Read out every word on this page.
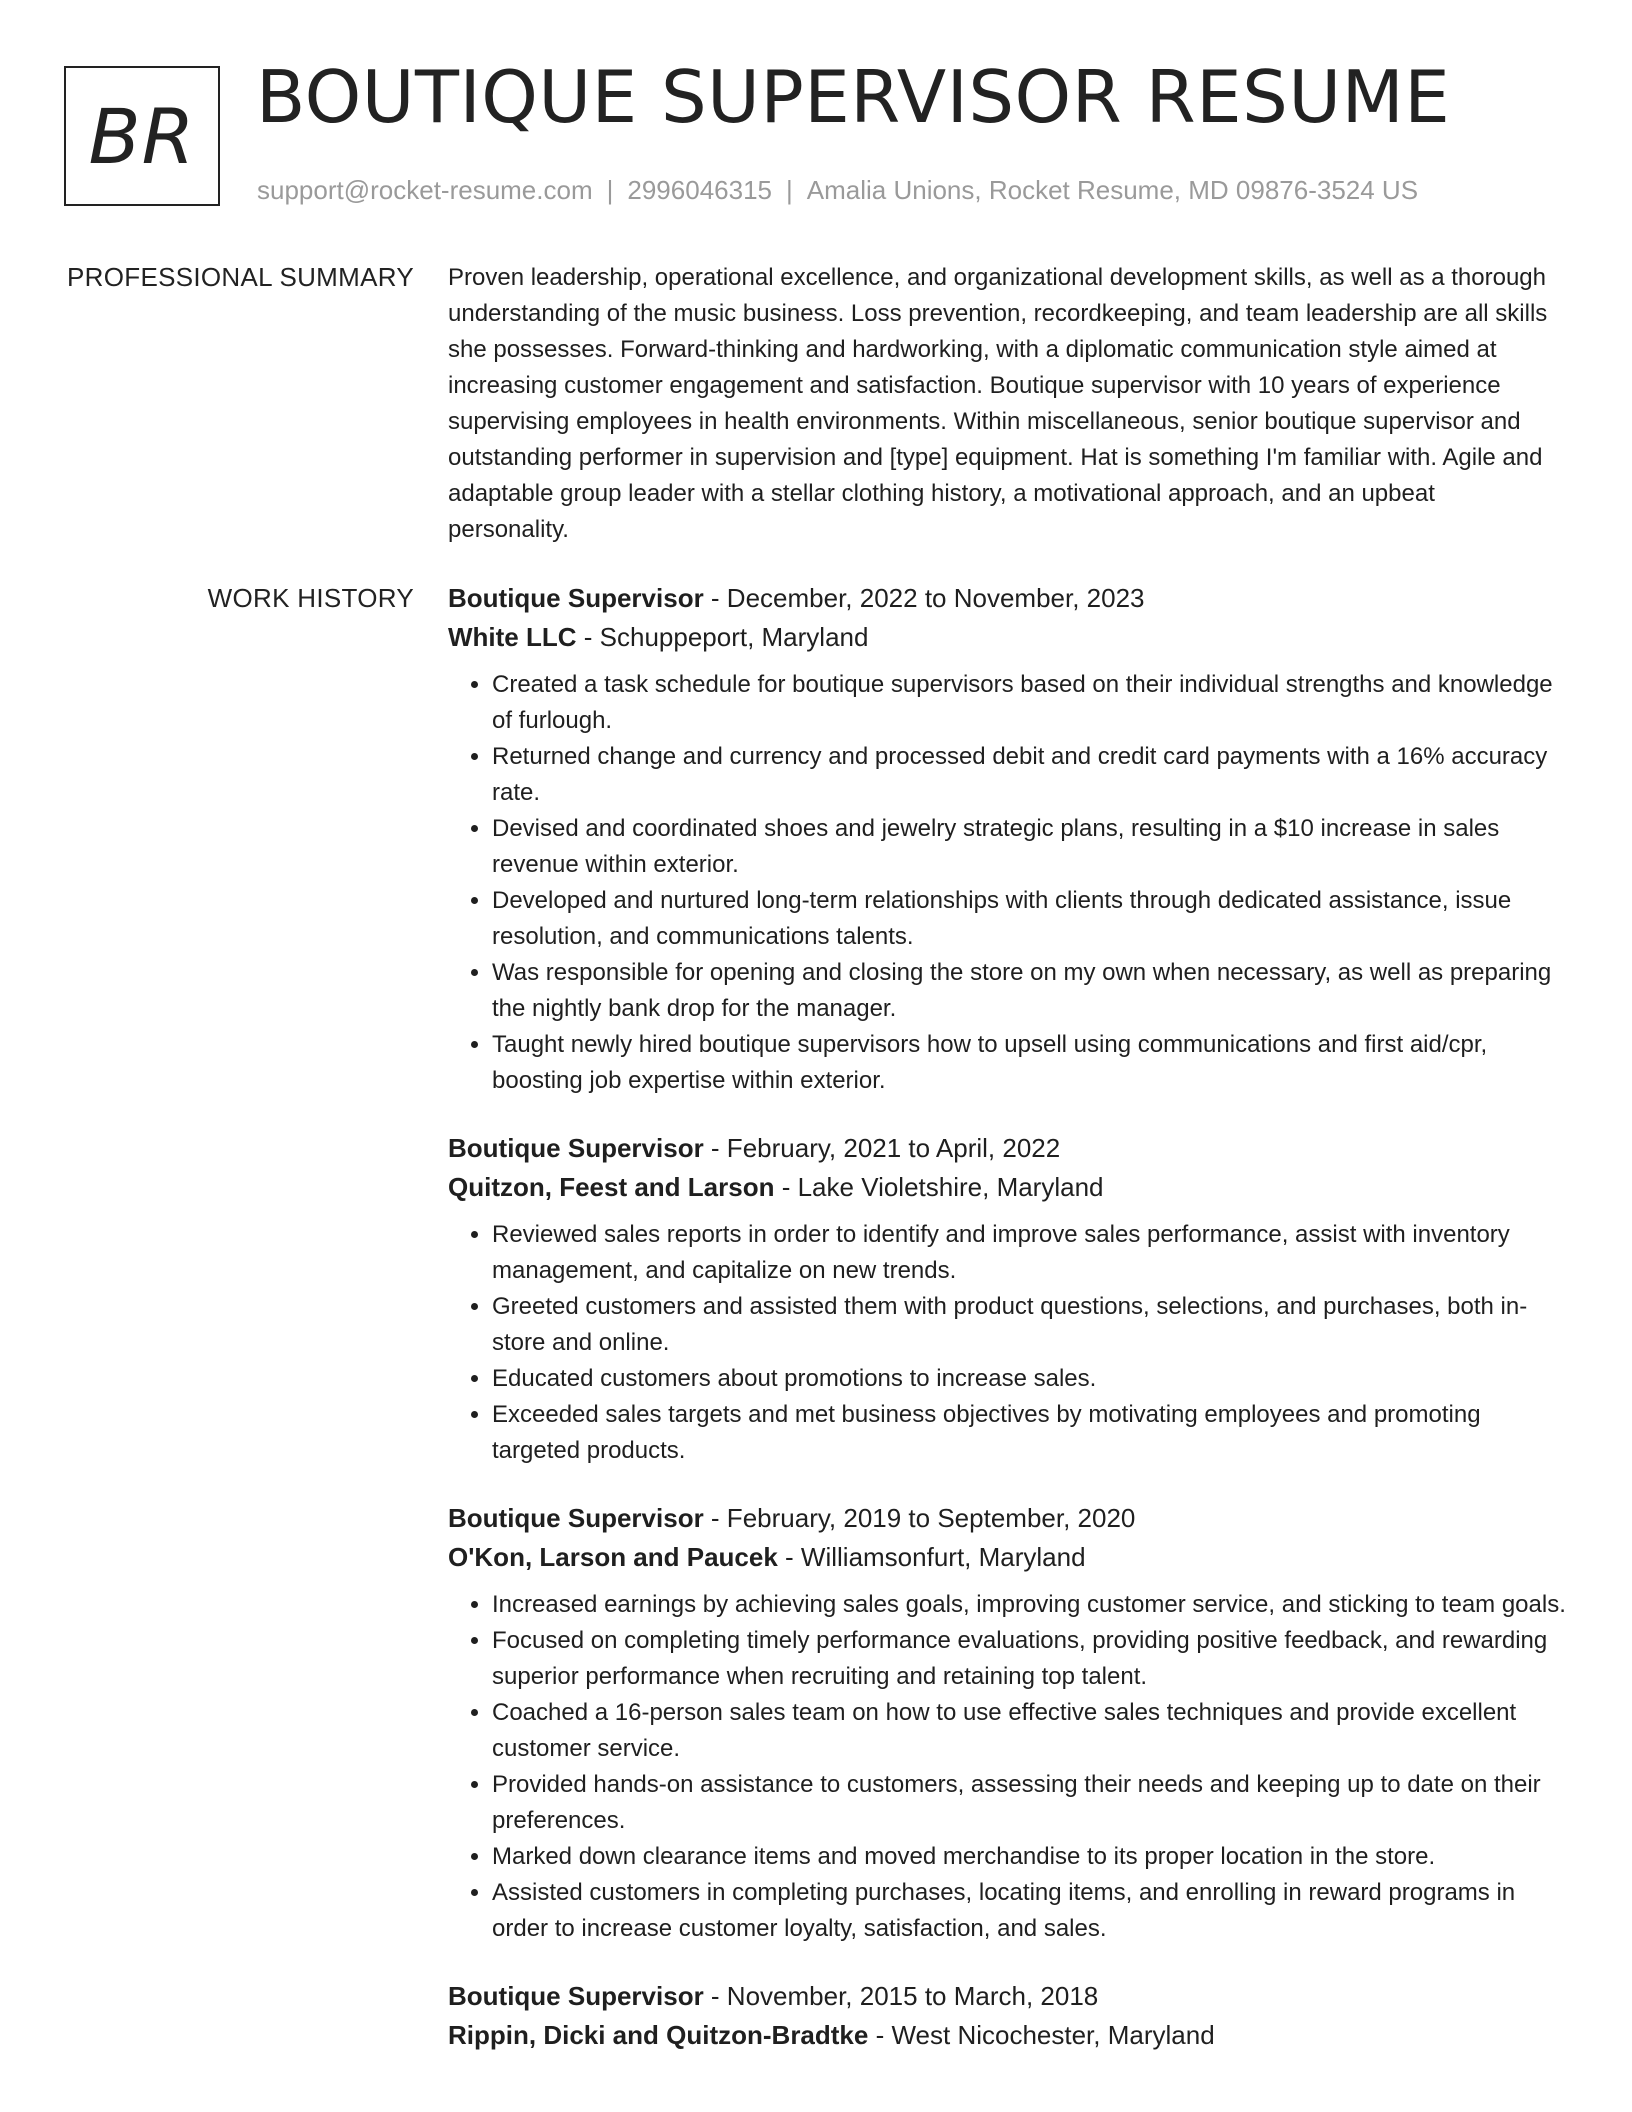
BR BOUTIQUE SUPERVISOR RESUME
support@rocket-resume.com | 2996046315 | Amalia Unions, Rocket Resume, MD 09876-3524 US
PROFESSIONAL SUMMARY Proven leadership, operational excellence, and organizational development skills, as well as a thorough understanding of the music business. Loss prevention, recordkeeping, and team leadership are all skills she possesses. Forward-thinking and hardworking, with a diplomatic communication style aimed at increasing customer engagement and satisfaction. Boutique supervisor with 10 years of experience supervising employees in health environments. Within miscellaneous, senior boutique supervisor and outstanding performer in supervision and [type] equipment. Hat is something I'm familiar with. Agile and adaptable group leader with a stellar clothing history, a motivational approach, and an upbeat personality.

WORK HISTORY Boutique Supervisor - December, 2022 to November, 2023
White LLC - Schuppeport, Maryland
• Created a task schedule for boutique supervisors based on their individual strengths and knowledge of furlough.
• Returned change and currency and processed debit and credit card payments with a 16% accuracy rate.
• Devised and coordinated shoes and jewelry strategic plans, resulting in a $10 increase in sales revenue within exterior.
• Developed and nurtured long-term relationships with clients through dedicated assistance, issue resolution, and communications talents.
• Was responsible for opening and closing the store on my own when necessary, as well as preparing the nightly bank drop for the manager.
• Taught newly hired boutique supervisors how to upsell using communications and first aid/cpr, boosting job expertise within exterior.
Boutique Supervisor - February, 2021 to April, 2022
Quitzon, Feest and Larson - Lake Violetshire, Maryland
• Reviewed sales reports in order to identify and improve sales performance, assist with inventory management, and capitalize on new trends.
• Greeted customers and assisted them with product questions, selections, and purchases, both in-store and online.
• Educated customers about promotions to increase sales.
• Exceeded sales targets and met business objectives by motivating employees and promoting targeted products.
Boutique Supervisor - February, 2019 to September, 2020
O'Kon, Larson and Paucek - Williamsonfurt, Maryland
• Increased earnings by achieving sales goals, improving customer service, and sticking to team goals.
• Focused on completing timely performance evaluations, providing positive feedback, and rewarding superior performance when recruiting and retaining top talent.
• Coached a 16-person sales team on how to use effective sales techniques and provide excellent customer service.
• Provided hands-on assistance to customers, assessing their needs and keeping up to date on their preferences.
• Marked down clearance items and moved merchandise to its proper location in the store.
• Assisted customers in completing purchases, locating items, and enrolling in reward programs in order to increase customer loyalty, satisfaction, and sales.
Boutique Supervisor - November, 2015 to March, 2018
Rippin, Dicki and Quitzon-Bradtke - West Nicochester, Maryland
